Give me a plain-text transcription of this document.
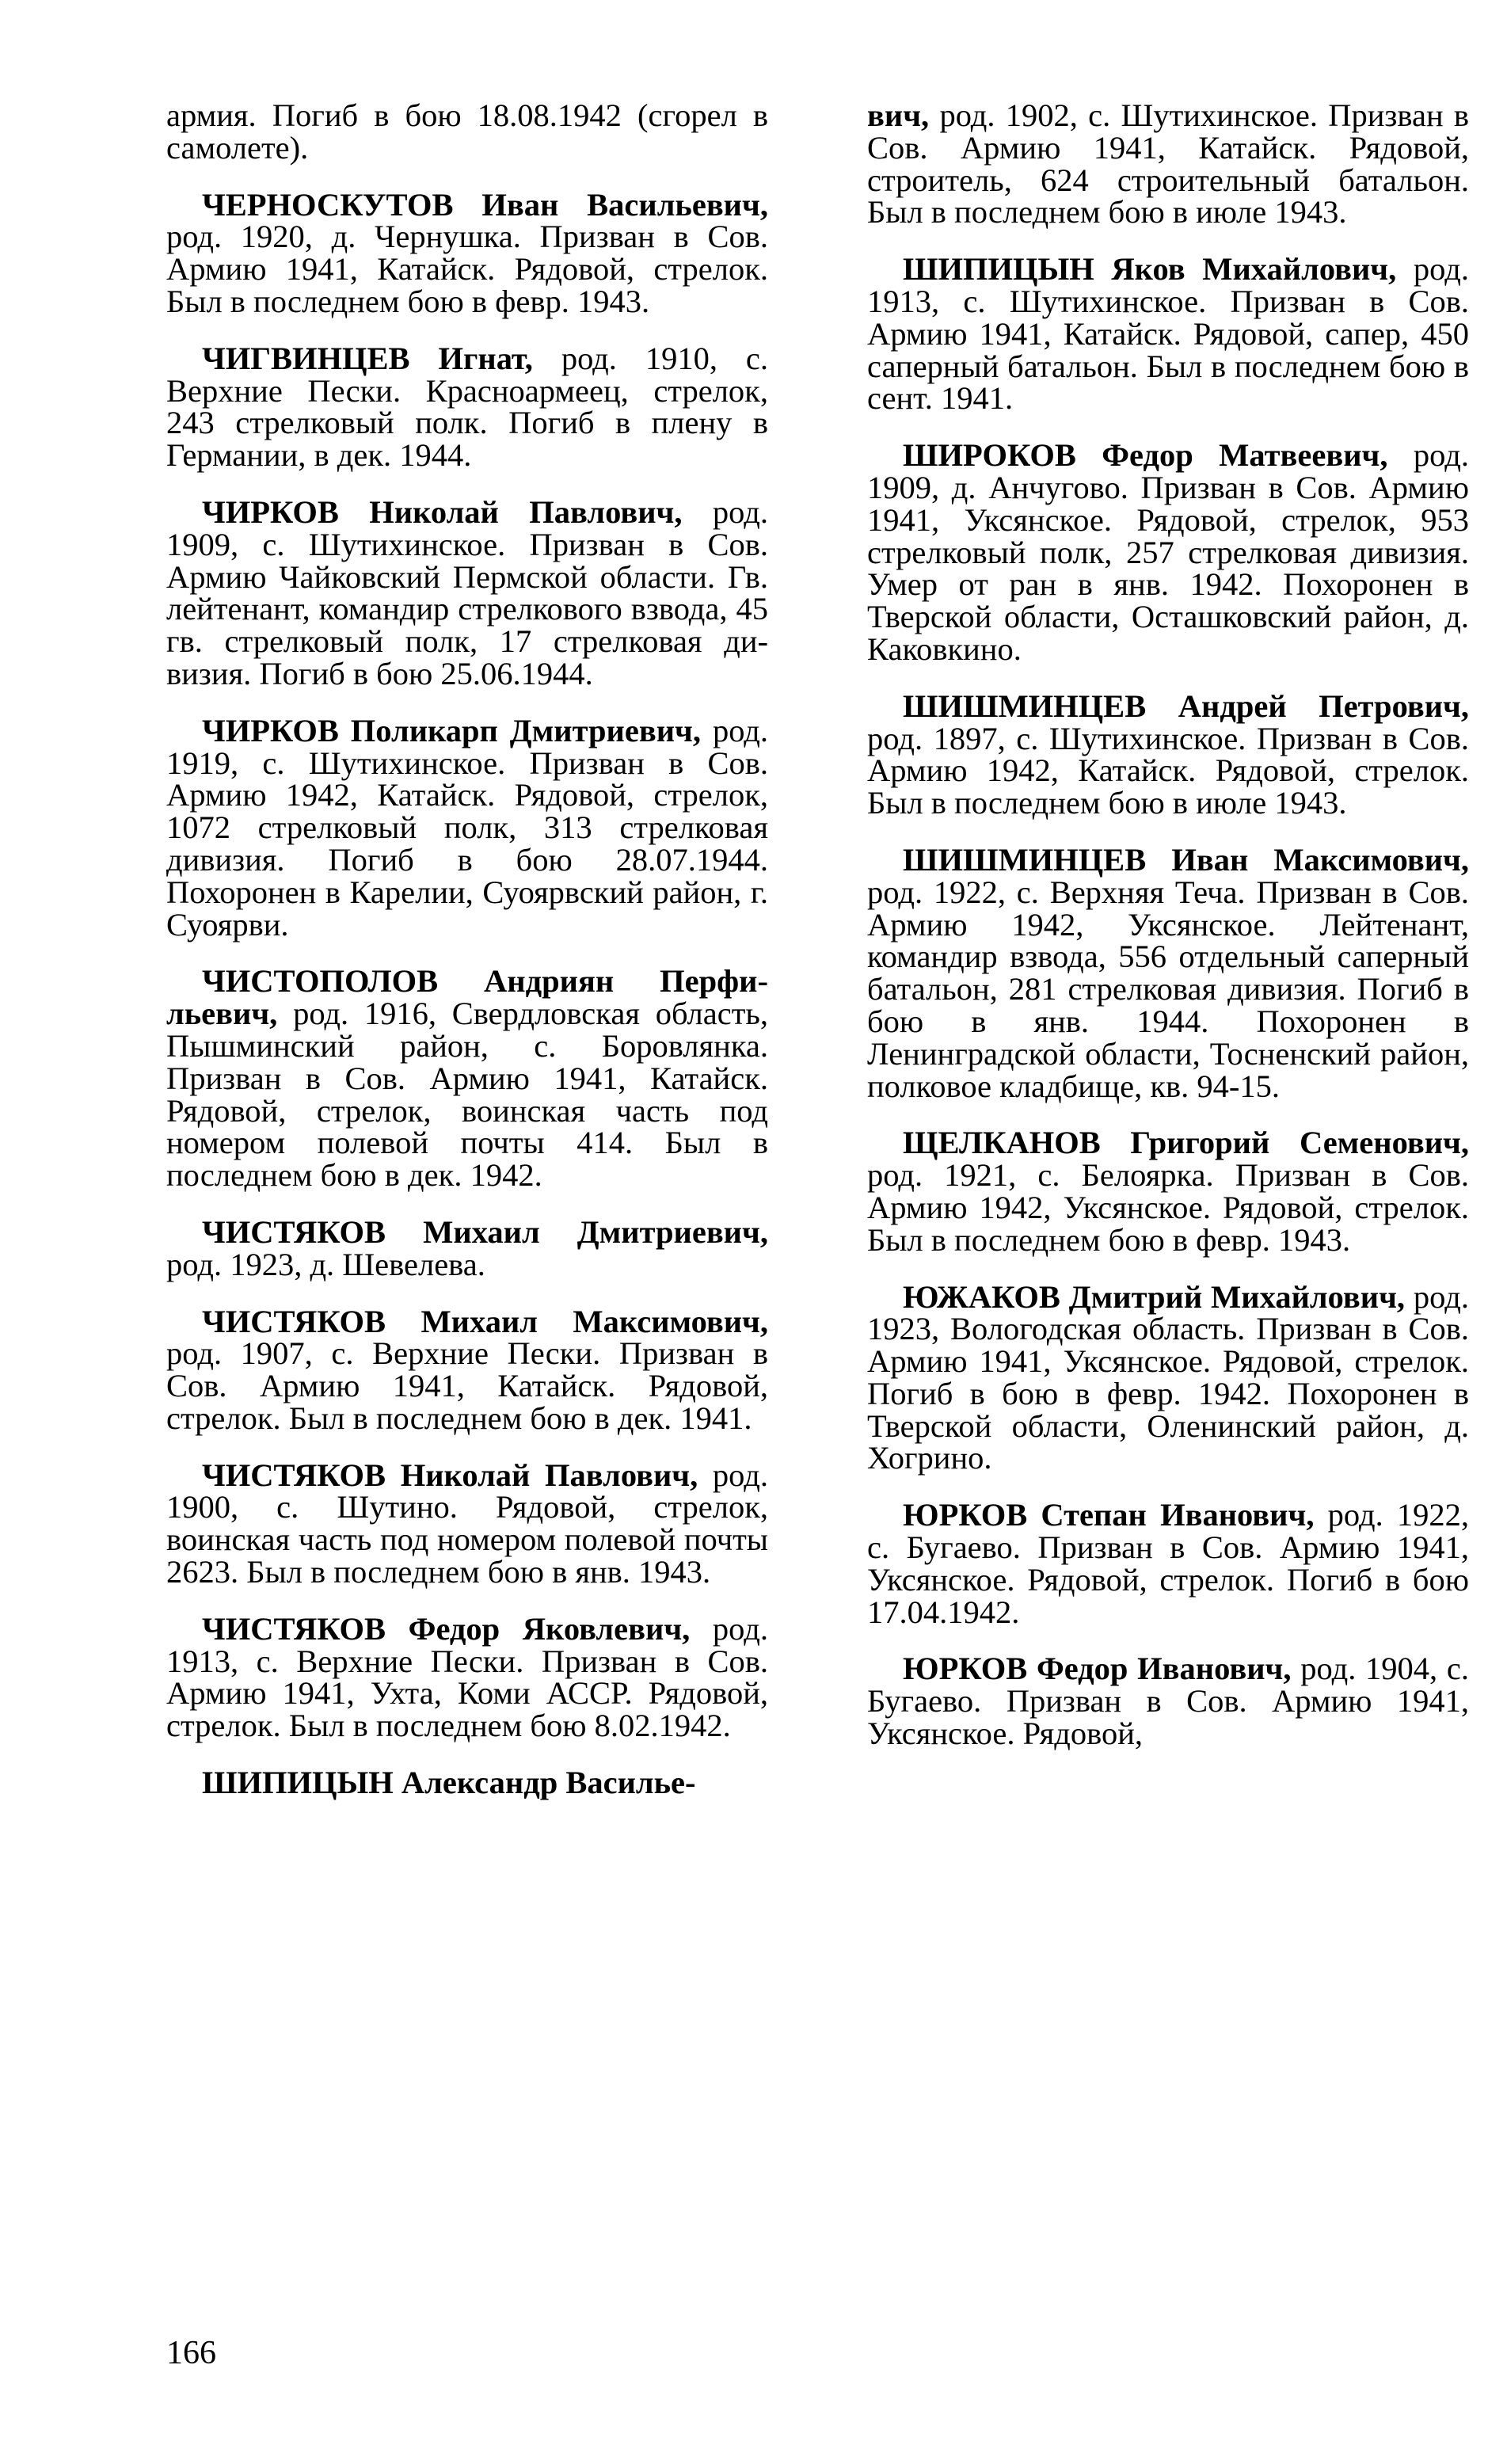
армия. Погиб в бою 18.08.1942 (сгорел в самолете).

ЧЕРНОСКУТОВ Иван Васильевич, род. 1920, д. Чернушка. Призван в Сов. Армию 1941, Катайск. Рядовой, стрелок. Был в последнем бою в февр. 1943.

ЧИГВИНЦЕВ Игнат, род. 1910, с. Верхние Пески. Красноармеец, стрелок, 243 стрелковый полк. Погиб в плену в Германии, в дек. 1944.

ЧИРКОВ Николай Павлович, род. 1909, с. Шутихинское. Призван в Сов. Армию Чайковский Пермской области. Гв. лейтенант, командир стрелкового взвода, 45 гв. стрелковый полк, 17 стрелковая дивизия. Погиб в бою 25.06.1944.

ЧИРКОВ Поликарп Дмитриевич, род. 1919, с. Шутихинское. Призван в Сов. Армию 1942, Катайск. Рядовой, стрелок, 1072 стрелковый полк, 313 стрелковая дивизия. Погиб в бою 28.07.1944. Похоронен в Карелии, Суоярвский район, г. Суоярви.

ЧИСТОПОЛОВ Андриян Перфильевич, род. 1916, Свердловская область, Пышминский район, с. Боровлянка. Призван в Сов. Армию 1941, Катайск. Рядовой, стрелок, воинская часть под номером полевой почты 414. Был в последнем бою в дек. 1942.

ЧИСТЯКОВ Михаил Дмитриевич, род. 1923, д. Шевелева.

ЧИСТЯКОВ Михаил Максимович, род. 1907, с. Верхние Пески. Призван в Сов. Армию 1941, Катайск. Рядовой, стрелок. Был в последнем бою в дек. 1941.

ЧИСТЯКОВ Николай Павлович, род. 1900, с. Шутино. Рядовой, стрелок, воинская часть под номером полевой почты 2623. Был в последнем бою в янв. 1943.

ЧИСТЯКОВ Федор Яковлевич, род. 1913, с. Верхние Пески. Призван в Сов. Армию 1941, Ухта, Коми АССР. Рядовой, стрелок. Был в последнем бою 8.02.1942.

ШИПИЦЫН Александр Василье-

вич, род. 1902, с. Шутихинское. Призван в Сов. Армию 1941, Катайск. Рядовой, строитель, 624 строительный батальон. Был в последнем бою в июле 1943.

ШИПИЦЫН Яков Михайлович, род. 1913, с. Шутихинское. Призван в Сов. Армию 1941, Катайск. Рядовой, сапер, 450 саперный батальон. Был в последнем бою в сент. 1941.

ШИРОКОВ Федор Матвеевич, род. 1909, д. Анчугово. Призван в Сов. Армию 1941, Уксянское. Рядовой, стрелок, 953 стрелковый полк, 257 стрелковая дивизия. Умер от ран в янв. 1942. Похоронен в Тверской области, Осташковский район, д. Каковкино.

ШИШМИНЦЕВ Андрей Петрович, род. 1897, с. Шутихинское. Призван в Сов. Армию 1942, Катайск. Рядовой, стрелок. Был в последнем бою в июле 1943.

ШИШМИНЦЕВ Иван Максимович, род. 1922, с. Верхняя Теча. Призван в Сов. Армию 1942, Уксянское. Лейтенант, командир взвода, 556 отдельный саперный батальон, 281 стрелковая дивизия. Погиб в бою в янв. 1944. Похоронен в Ленинградской области, Тосненский район, полковое кладбище, кв. 94-15.

ЩЕЛКАНОВ Григорий Семенович, род. 1921, с. Белоярка. Призван в Сов. Армию 1942, Уксянское. Рядовой, стрелок. Был в последнем бою в февр. 1943.

ЮЖАКОВ Дмитрий Михайлович, род. 1923, Вологодская область. Призван в Сов. Армию 1941, Уксянское. Рядовой, стрелок. Погиб в бою в февр. 1942. Похоронен в Тверской области, Оленинский район, д. Хогрино.

ЮРКОВ Степан Иванович, род. 1922, с. Бугаево. Призван в Сов. Армию 1941, Уксянское. Рядовой, стрелок. Погиб в бою 17.04.1942.

ЮРКОВ Федор Иванович, род. 1904, с. Бугаево. Призван в Сов. Армию 1941, Уксянское. Рядовой,

166
